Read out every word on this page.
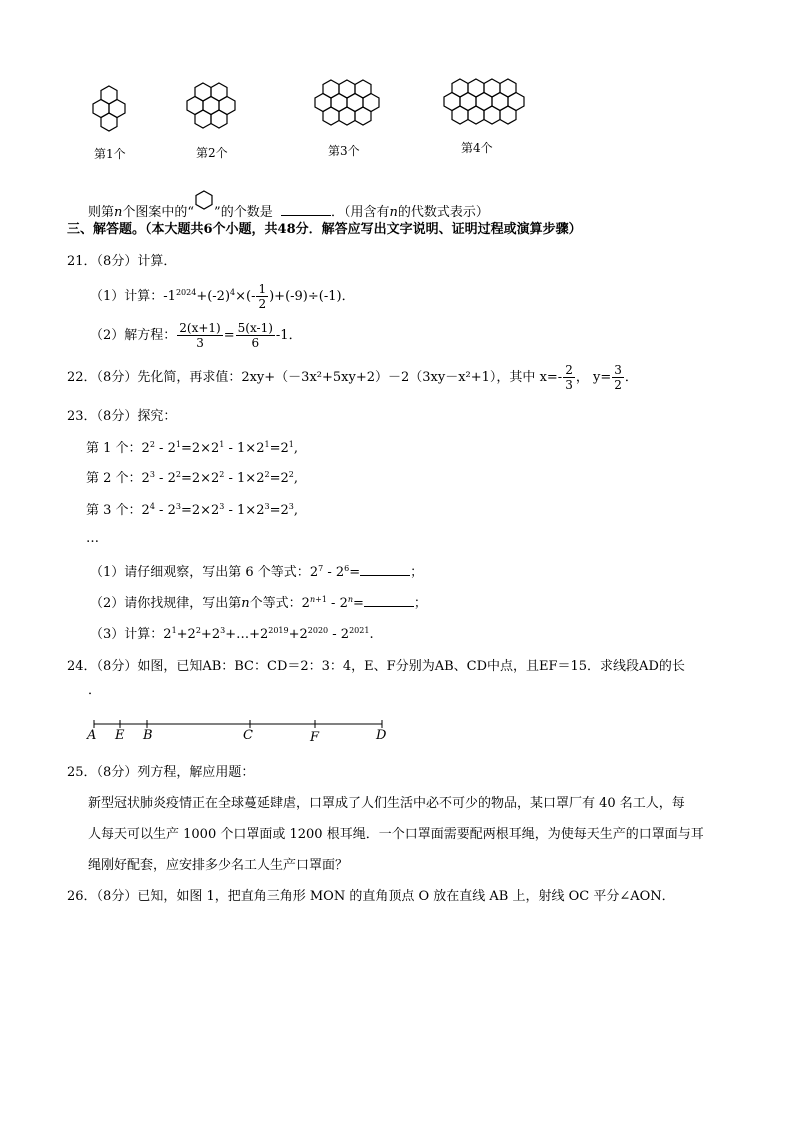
第1个	第2个	第3个	第4个
则第n个图案中的“ ”的个数是	．（用含有n的代数式表示）
三、解答题。（本大题共6个小题，共48分．解答应写出文字说明、证明过程或演算步骤）
21．（8分）计算．
（1）计算：$-1^{2024}+(-2)^4\times(- \frac{1}{2} )+(-9)\div(-1)$．
（2）解方程： $\frac{2(x+1)}{3} = \frac{5(x-1)}{6} -1$．
22．（8分）先化简，再求值：2xy+（－3x²+5xy+2）－2（3xy－x²+1），其中 $x=- \frac{2}{3}$ ， $y= \frac{3}{2}$ ．
23．（8分）探究：
第 1 个：$2^2 - 2^1=2\times 2^1 - 1\times 2^1=2^1$,
第 2 个：$2^3 - 2^2=2\times 2^2 - 1\times 2^2=2^2$,
第 3 个：$2^4 - 2^3=2\times 2^3 - 1\times 2^3=2^3$,
…
（1）请仔细观察，写出第 6 个等式：$2^7 - 2^6=$	；
（2）请你找规律，写出第n个等式：$2^{n+1} - 2^n=$	；
（3）计算：$2^1+2^2+2^3+\dots+2^{2019}+2^{2020} - 2^{2021}$.
24．（8分）如图，已知AB：BC：CD＝2：3：4，E、F分别为AB、CD中点，且EF＝15．求线段AD的长
．
A E B	C	F	D
25．（8分）列方程，解应用题：
新型冠状肺炎疫情正在全球蔓延肆虐，口罩成了人们生活中必不可少的物品，某口罩厂有 40 名工人，每
人每天可以生产 1000 个口罩面或 1200 根耳绳．一个口罩面需要配两根耳绳，为使每天生产的口罩面与耳
绳刚好配套，应安排多少名工人生产口罩面？
26．（8分）已知，如图 1，把直角三角形 MON 的直角顶点 O 放在直线 AB 上，射线 OC 平分∠AON．
